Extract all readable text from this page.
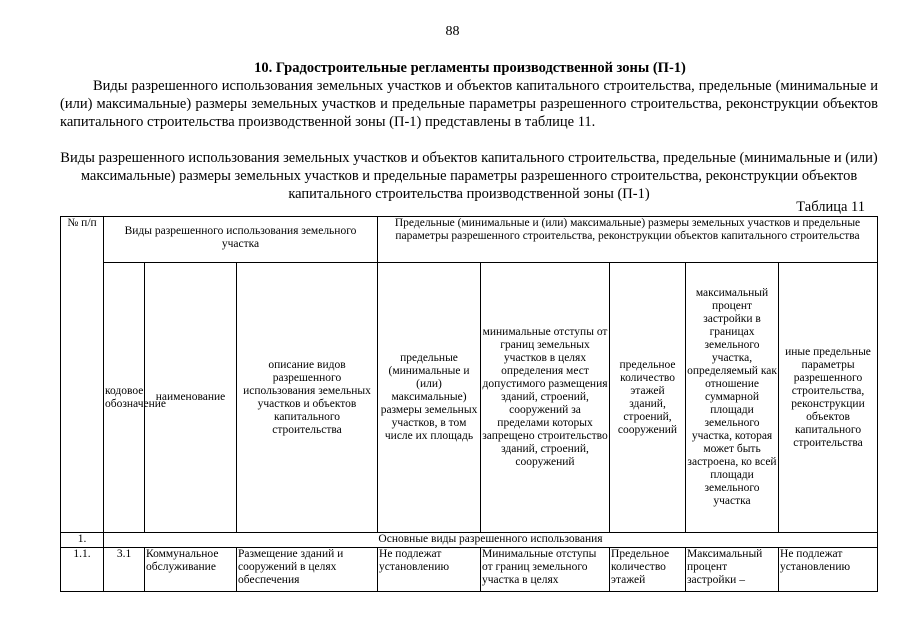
88
10. Градостроительные регламенты производственной зоны (П-1)

Виды разрешенного использования земельных участков и объектов капитального строительства, предельные (минимальные и (или) максимальные) размеры земельных участков и предельные параметры разрешенного строительства, реконструкции объектов капитального строительства производственной зоны (П-1) представлены в таблице 11.

Виды разрешенного использования земельных участков и объектов капитального строительства, предельные (минимальные и (или) максимальные) размеры земельных участков и предельные параметры разрешенного строительства, реконструкции объектов капитального строительства производственной зоны (П-1)

Таблица 11
№ п/п	Виды разрешенного использования земельного участка			Предельные (минимальные и (или) максимальные) размеры земельных участков и предельные параметры разрешенного строительства, реконструкции объектов капитального строительства				
	кодовое обозначение	наименование	описание видов разрешенного использования земельных участков и объектов капитального строительства	предельные (минимальные и (или) максимальные) размеры земельных участков, в том числе их площадь	минимальные отступы от границ земельных участков в целях определения мест допустимого размещения зданий, строений, сооружений за пределами которых запрещено строительство зданий, строений, сооружений	предельное количество этажей зданий, строений, сооружений	максимальный процент застройки в границах земельного участка, определяемый как отношение суммарной площади земельного участка, которая может быть застроена, ко всей площади земельного участка	иные предельные параметры разрешенного строительства, реконструкции объектов капитального строительства
1.	Основные виды разрешенного использования							
1.1.	3.1	Коммунальное обслуживание	Размещение зданий и сооружений в целях обеспечения	Не подлежат установлению	Минимальные отступы от границ земельного участка в целях	Предельное количество этажей	Максимальный процент застройки –	Не подлежат установлению
